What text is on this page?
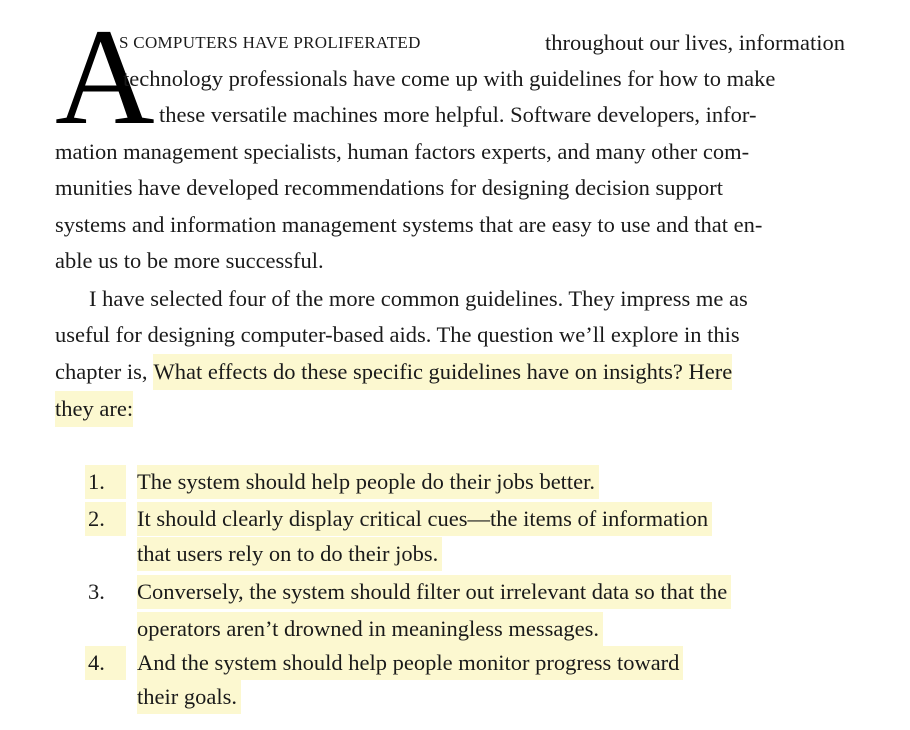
A
S COMPUTERS HAVE PROLIFERATED	throughout our lives, information
technology professionals have come up with guidelines for how to make
these versatile machines more helpful. Software developers, infor-
mation management specialists, human factors experts, and many other com-
munities have developed recommendations for designing decision support
systems and information management systems that are easy to use and that en-
able us to be more successful.
I have selected four of the more common guidelines. They impress me as
useful for designing computer-based aids. The question we’ll explore in this
chapter is,
What effects do these specific guidelines have on insights? Here
they are:
1.	The system should help people do their jobs better.
2.	It should clearly display critical cues—the items of information
that users rely on to do their jobs.
3.	Conversely, the system should filter out irrelevant data so that the
operators aren’t drowned in meaningless messages.
4.	And the system should help people monitor progress toward
their goals.
